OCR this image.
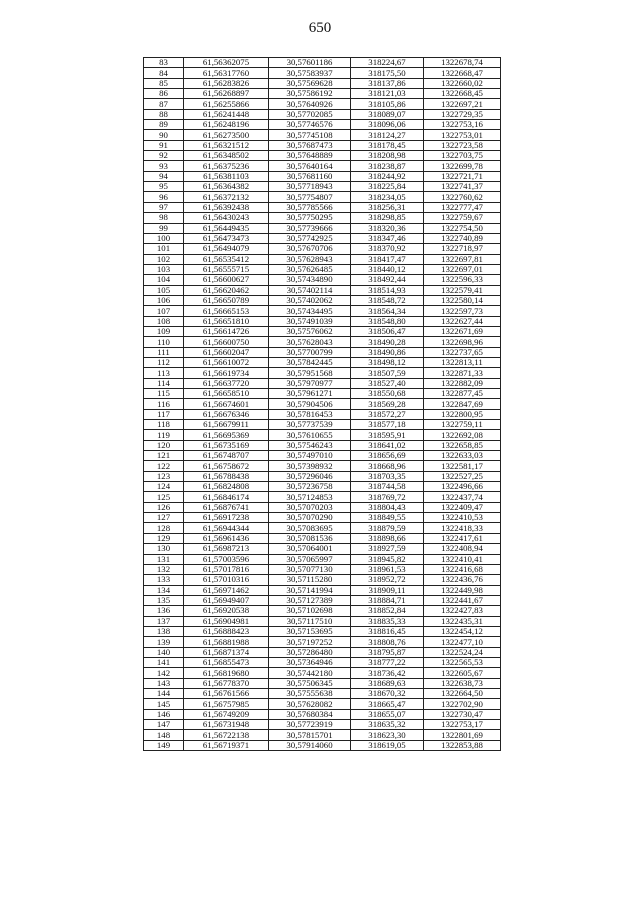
650
83	61,56362075	30,57601186	318224,67	1322678,74
84	61,56317760	30,57583937	318175,50	1322668,47
85	61,56283826	30,57569628	318137,86	1322660,02
86	61,56268897	30,57586192	318121,03	1322668,45
87	61,56255866	30,57640926	318105,86	1322697,21
88	61,56241448	30,57702085	318089,07	1322729,35
89	61,56248196	30,57746576	318096,06	1322753,16
90	61,56273500	30,57745108	318124,27	1322753,01
91	61,56321512	30,57687473	318178,45	1322723,58
92	61,56348502	30,57648889	318208,98	1322703,75
93	61,56375236	30,57640164	318238,87	1322699,78
94	61,56381103	30,57681160	318244,92	1322721,71
95	61,56364382	30,57718943	318225,84	1322741,37
96	61,56372132	30,57754807	318234,05	1322760,62
97	61,56392438	30,57785566	318256,31	1322777,47
98	61,56430243	30,57750295	318298,85	1322759,67
99	61,56449435	30,57739666	318320,36	1322754,50
100	61,56473473	30,57742925	318347,46	1322740,89
101	61,56494079	30,57670706	318370,92	1322718,97
102	61,56535412	30,57628943	318417,47	1322697,81
103	61,56555715	30,57626485	318440,12	1322697,01
104	61,56600627	30,57434890	318492,44	1322596,33
105	61,56620462	30,57402114	318514,93	1322579,41
106	61,56650789	30,57402062	318548,72	1322580,14
107	61,56665153	30,57434495	318564,34	1322597,73
108	61,56651810	30,57491039	318548,80	1322627,44
109	61,56614726	30,57576062	318506,47	1322671,69
110	61,56600750	30,57628043	318490,28	1322698,96
111	61,56602047	30,57700799	318490,86	1322737,65
112	61,56610072	30,57842445	318498,12	1322813,11
113	61,56619734	30,57951568	318507,59	1322871,33
114	61,56637720	30,57970977	318527,40	1322882,09
115	61,56658510	30,57961271	318550,68	1322877,45
116	61,56674601	30,57904506	318569,28	1322847,69
117	61,56676346	30,57816453	318572,27	1322800,95
118	61,56679911	30,57737539	318577,18	1322759,11
119	61,56695369	30,57610655	318595,91	1322692,08
120	61,56735169	30,57546243	318641,02	1322658,85
121	61,56748707	30,57497010	318656,69	1322633,03
122	61,56758672	30,57398932	318668,96	1322581,17
123	61,56788438	30,57296046	318703,35	1322527,25
124	61,56824808	30,57236758	318744,58	1322496,66
125	61,56846174	30,57124853	318769,72	1322437,74
126	61,56876741	30,57070203	318804,43	1322409,47
127	61,56917238	30,57070290	318849,55	1322410,53
128	61,56944344	30,57083695	318879,59	1322418,33
129	61,56961436	30,57081536	318898,66	1322417,61
130	61,56987213	30,57064001	318927,59	1322408,94
131	61,57003596	30,57065997	318945,82	1322410,41
132	61,57017816	30,57077130	318961,53	1322416,68
133	61,57010316	30,57115280	318952,72	1322436,76
134	61,56971462	30,57141994	318909,11	1322449,98
135	61,56949407	30,57127389	318884,71	1322441,67
136	61,56920538	30,57102698	318852,84	1322427,83
137	61,56904981	30,57117510	318835,33	1322435,31
138	61,56888423	30,57153695	318816,45	1322454,12
139	61,56881988	30,57197252	318808,76	1322477,10
140	61,56871374	30,57286480	318795,87	1322524,24
141	61,56855473	30,57364946	318777,22	1322565,53
142	61,56819680	30,57442180	318736,42	1322605,67
143	61,56778370	30,57506345	318689,63	1322638,73
144	61,56761566	30,57555638	318670,32	1322664,50
145	61,56757985	30,57628082	318665,47	1322702,90
146	61,56749209	30,57680384	318655,07	1322730,47
147	61,56731948	30,57723919	318635,32	1322753,17
148	61,56722138	30,57815701	318623,30	1322801,69
149	61,56719371	30,57914060	318619,05	1322853,88
